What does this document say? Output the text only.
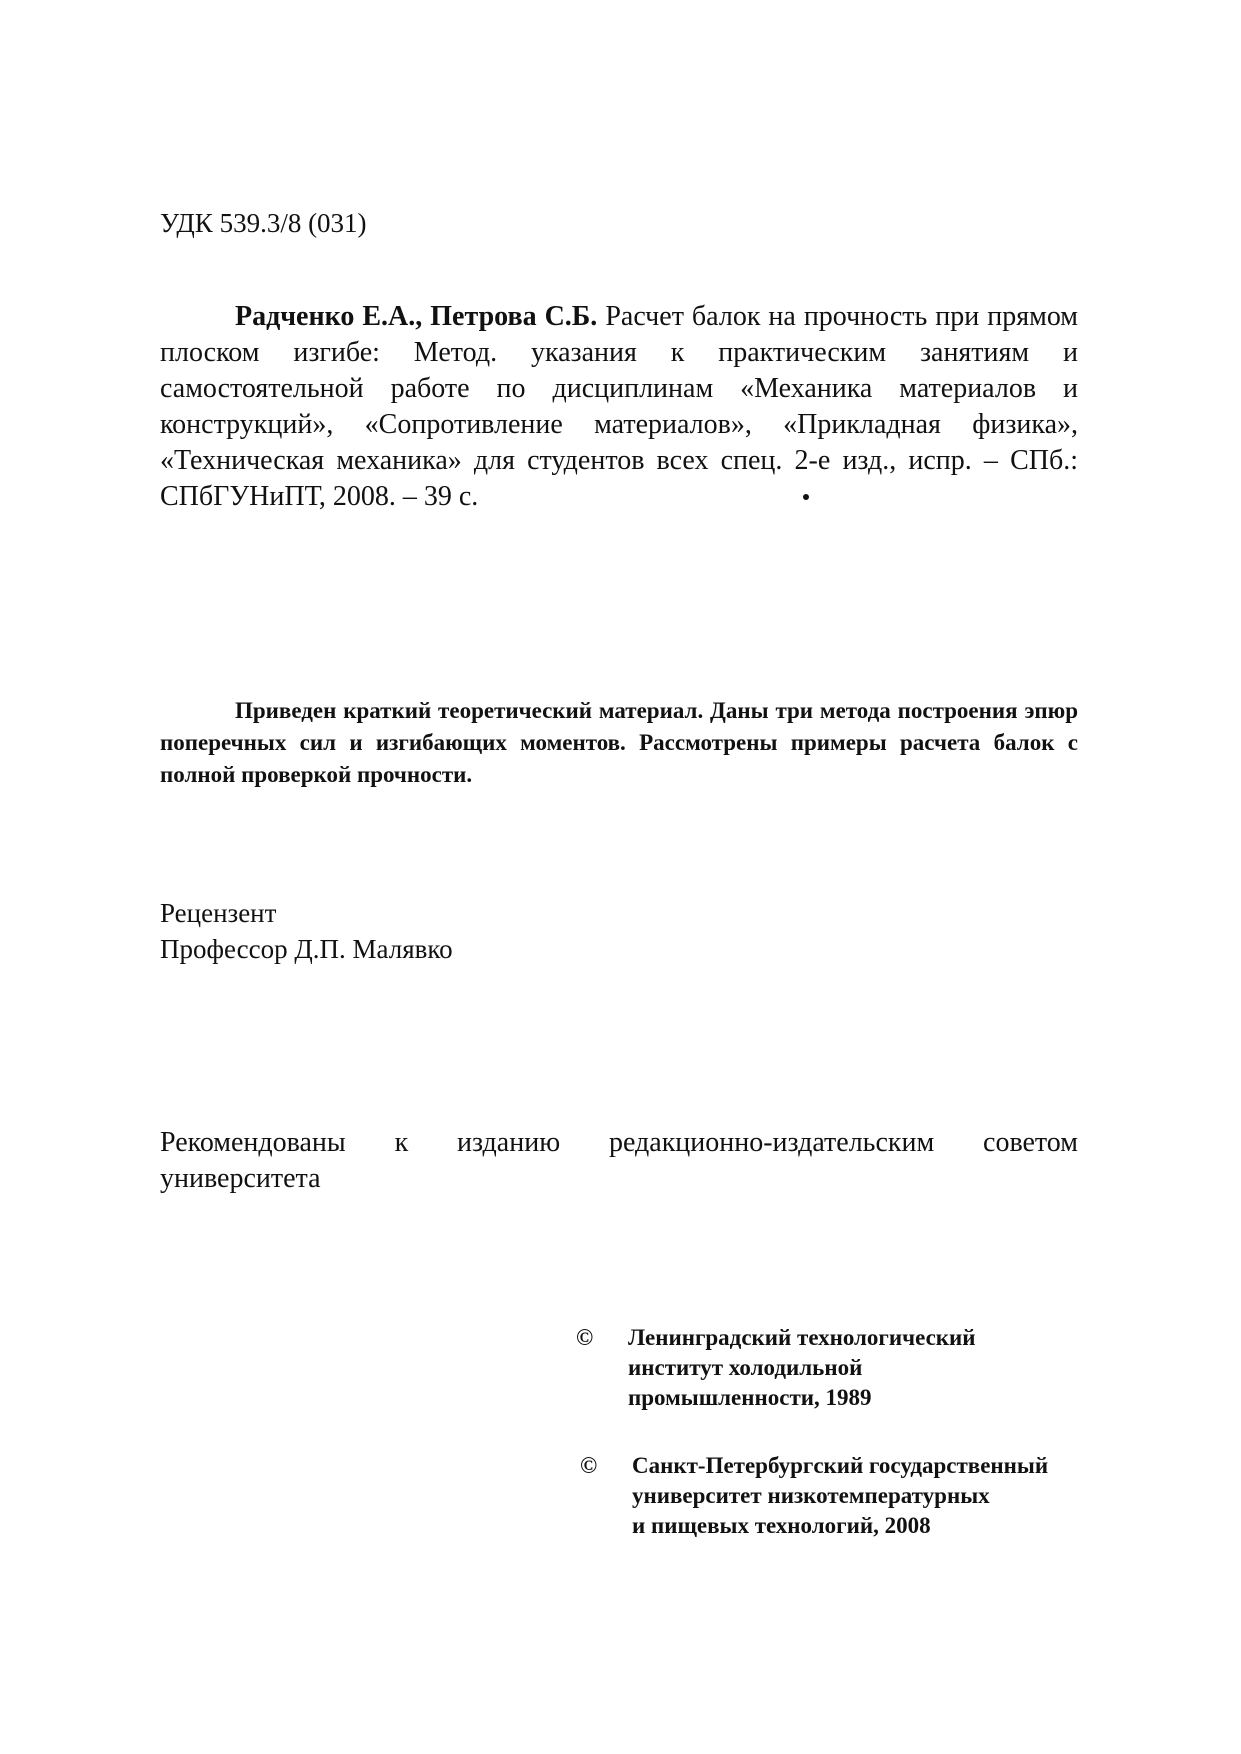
УДК 539.3/8 (031)

Радченко Е.А., Петрова С.Б. Расчет балок на прочность при прямом плоском изгибе: Метод. указания к практическим занятиям и самостоятельной работе по дисциплинам «Механика материалов и конструкций», «Сопротивление материалов», «Прикладная физика», «Техническая механика» для студентов всех спец. 2-е изд., испр. – СПб.: СПбГУНиПТ, 2008. – 39 с.

Приведен краткий теоретический материал. Даны три метода построения эпюр поперечных сил и изгибающих моментов. Рассмотрены примеры расчета балок с полной проверкой прочности.

Рецензент
Профессор Д.П. Малявко

Рекомендованы к изданию редакционно-издательским советом университета

© Ленинградский технологический
институт холодильной
промышленности, 1989
© Санкт-Петербургский государственный
университет низкотемпературных
и пищевых технологий, 2008
